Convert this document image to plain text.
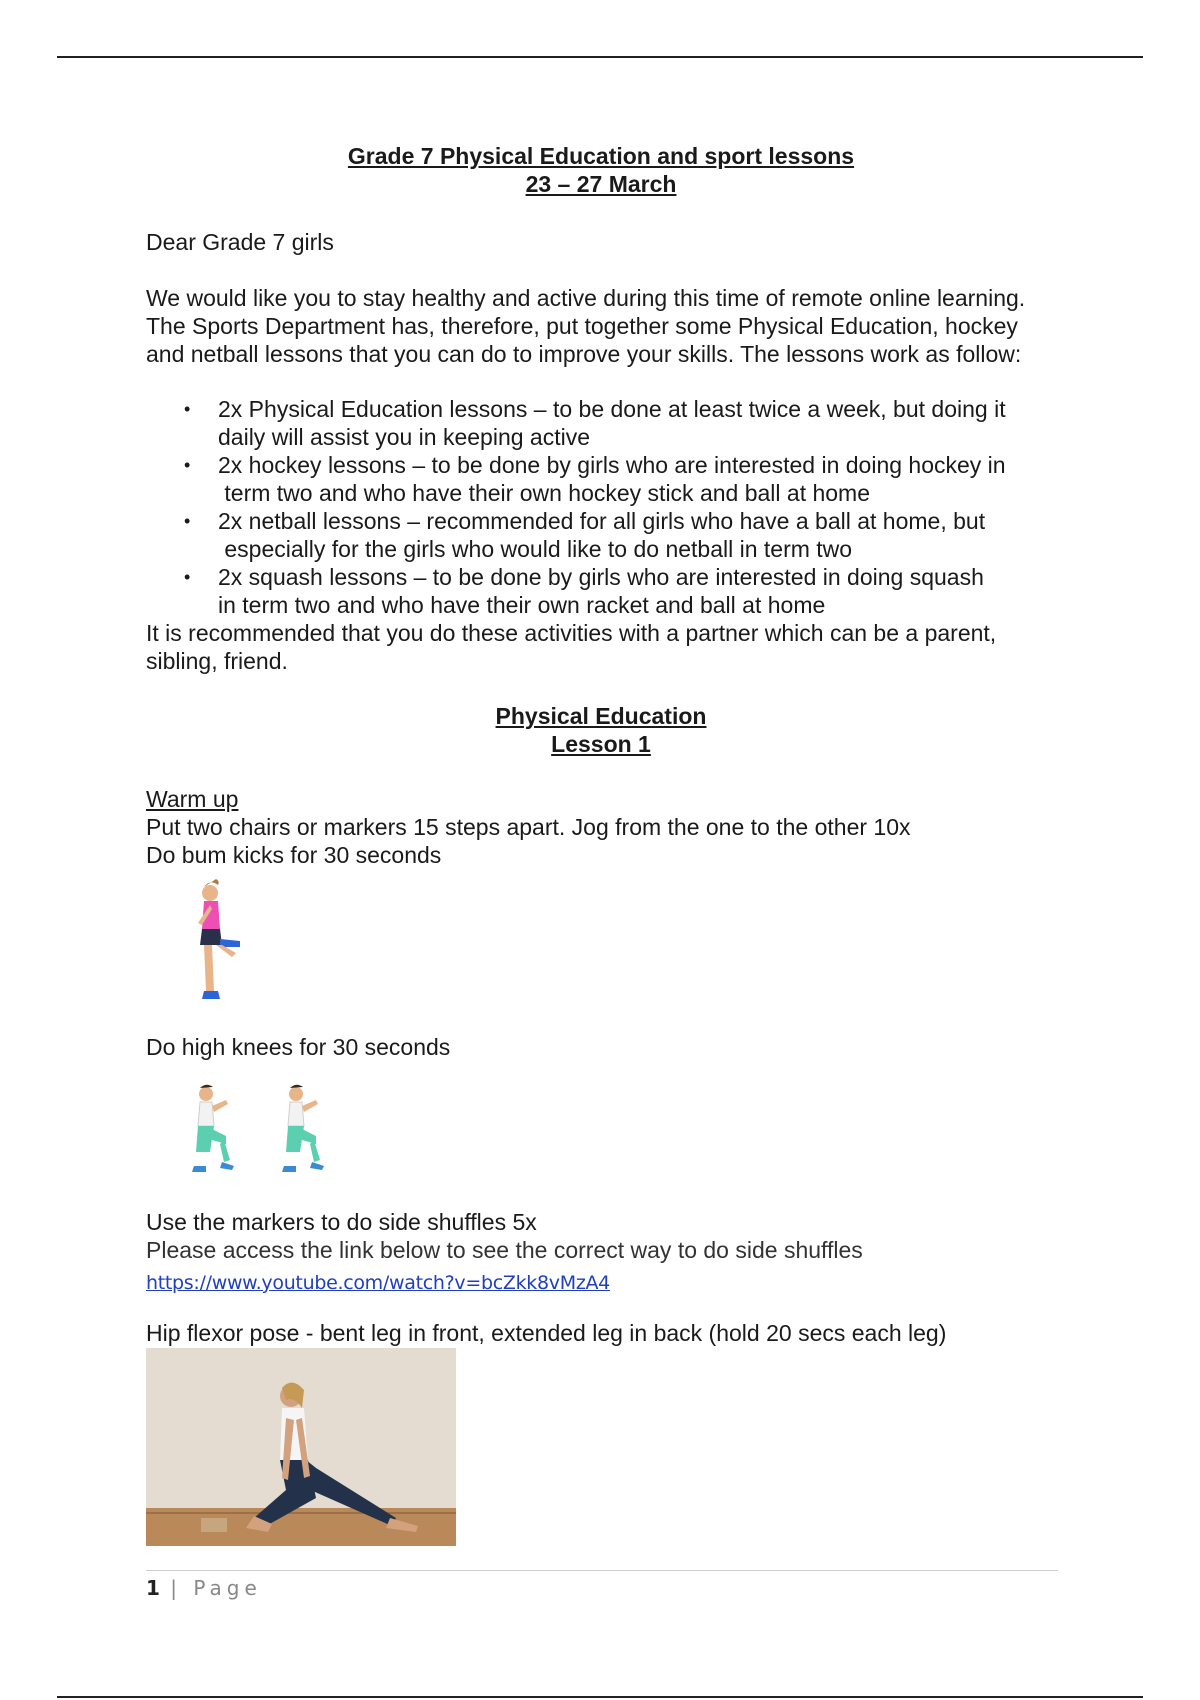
Grade 7 Physical Education and sport lessons
23 – 27 March

Dear Grade 7 girls

We would like you to stay healthy and active during this time of remote online learning. The Sports Department has, therefore, put together some Physical Education, hockey and netball lessons that you can do to improve your skills. The lessons work as follow:

• 2x Physical Education lessons – to be done at least twice a week, but doing it
daily will assist you in keeping active
• 2x hockey lessons – to be done by girls who are interested in doing hockey in
term two and who have their own hockey stick and ball at home
• 2x netball lessons – recommended for all girls who have a ball at home, but
especially for the girls who would like to do netball in term two
• 2x squash lessons – to be done by girls who are interested in doing squash
in term two and who have their own racket and ball at home

It is recommended that you do these activities with a partner which can be a parent, sibling, friend.

Physical Education
Lesson 1

Warm up

Put two chairs or markers 15 steps apart. Jog from the one to the other 10x

Do bum kicks for 30 seconds

Do high knees for 30 seconds

Use the markers to do side shuffles 5x

Please access the link below to see the correct way to do side shuffles

https://www.youtube.com/watch?v=bcZkk8vMzA4

Hip flexor pose - bent leg in front, extended leg in back (hold 20 secs each leg)

1 | Page
